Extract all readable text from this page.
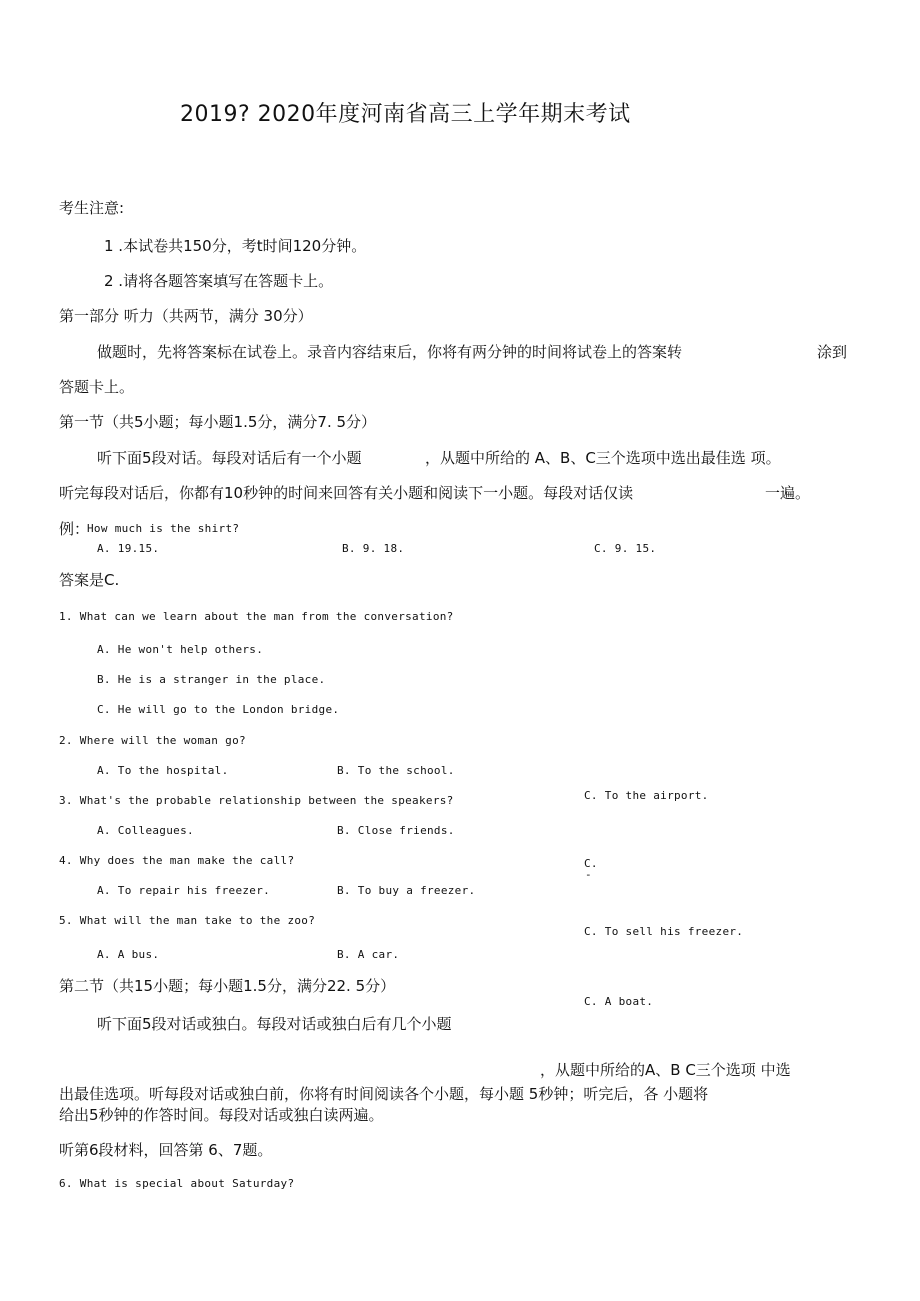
2019? 2020年度河南省高三上学年期末考试
考生注意:
1 .本试卷共150分，考t时间120分钟。
2 .请将各题答案填写在答题卡上。
第一部分 听力（共两节，满分 30分）
做题时，先将答案标在试卷上。录音内容结束后，你将有两分钟的时间将试卷上的答案转	涂到
答题卡上。
第一节（共5小题；每小题1.5分，满分7. 5分）
听下面5段对话。每段对话后有一个小题	，从题中所给的 A、B、C三个选项中选出最佳选 项。
听完每段对话后，你都有10秒钟的时间来回答有关小题和阅读下一小题。每段对话仅读	一遍。
例：
How much is the shirt?
A. 19.15.	B. 9. 18.	C. 9. 15.
答案是C.
1. What can we learn about the man from the conversation?
A. He won't help others.
B. He is a stranger in the place.
C. He will go to the London bridge.
2. Where will the woman go?
A. To the hospital.	B. To the school.
C. To the airport.
3. What's the probable relationship between the speakers?
A. Colleagues.	B. Close friends.
C.
-
4. Why does the man make the call?
A. To repair his freezer.	B. To buy a freezer.
C. To sell his freezer.
5. What will the man take to the zoo?
A. A bus.	B. A car.
C. A boat.
第二节（共15小题；每小题1.5分，满分22. 5分）
听下面5段对话或独白。每段对话或独白后有几个小题
，从题中所给的A、B C三个选项 中选
出最佳选项。听每段对话或独白前，你将有时间阅读各个小题，每小题 5秒钟；听完后，各 小题将
给出5秒钟的作答时间。每段对话或独白读两遍。
听第6段材料，回答第 6、7题。
6. What is special about Saturday?
